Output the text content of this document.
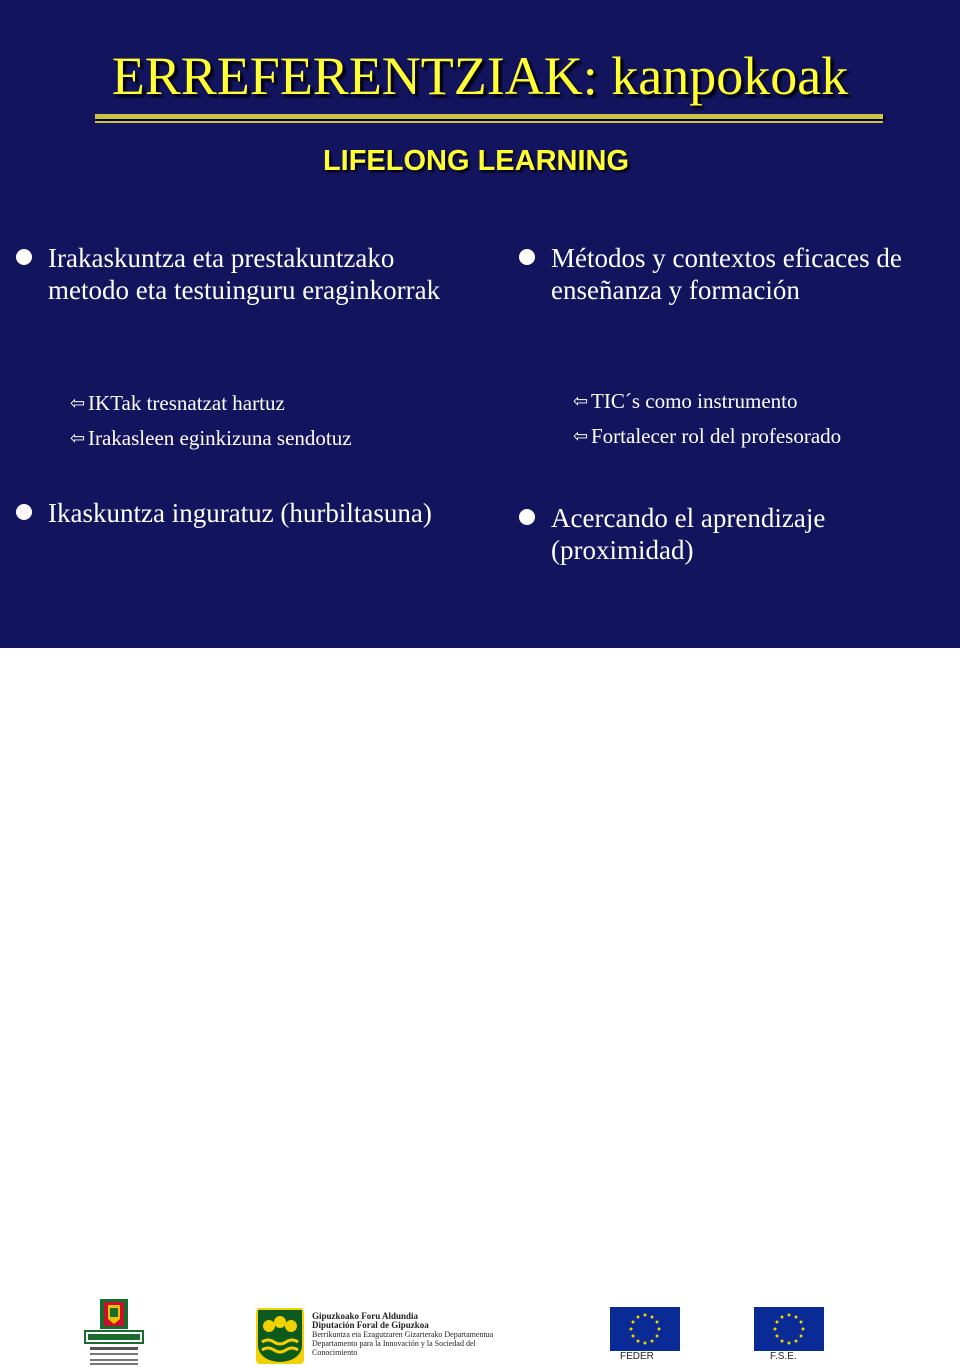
ERREFERENTZIAK: kanpokoak
LIFELONG LEARNING
Irakaskuntza eta prestakuntzako metodo eta testuinguru eraginkorrak
⇦ IKTak tresnatzat hartuz
⇦ Irakasleen eginkizuna sendotuz
Ikaskuntza inguratuz (hurbiltasuna)
Métodos y contextos eficaces de enseñanza y formación
⇦ TIC´s como instrumento
⇦ Fortalecer rol del profesorado
Acercando el aprendizaje (proximidad)
Gipuzkoako Foru Aldundia
Diputación Foral de Gipuzkoa
Berrikuntza eta Ezagutzaren Gizarterako Departamentua
Departamento para la Innovación y la Sociedad del Conocimiento	FEDER	F.S.E.
